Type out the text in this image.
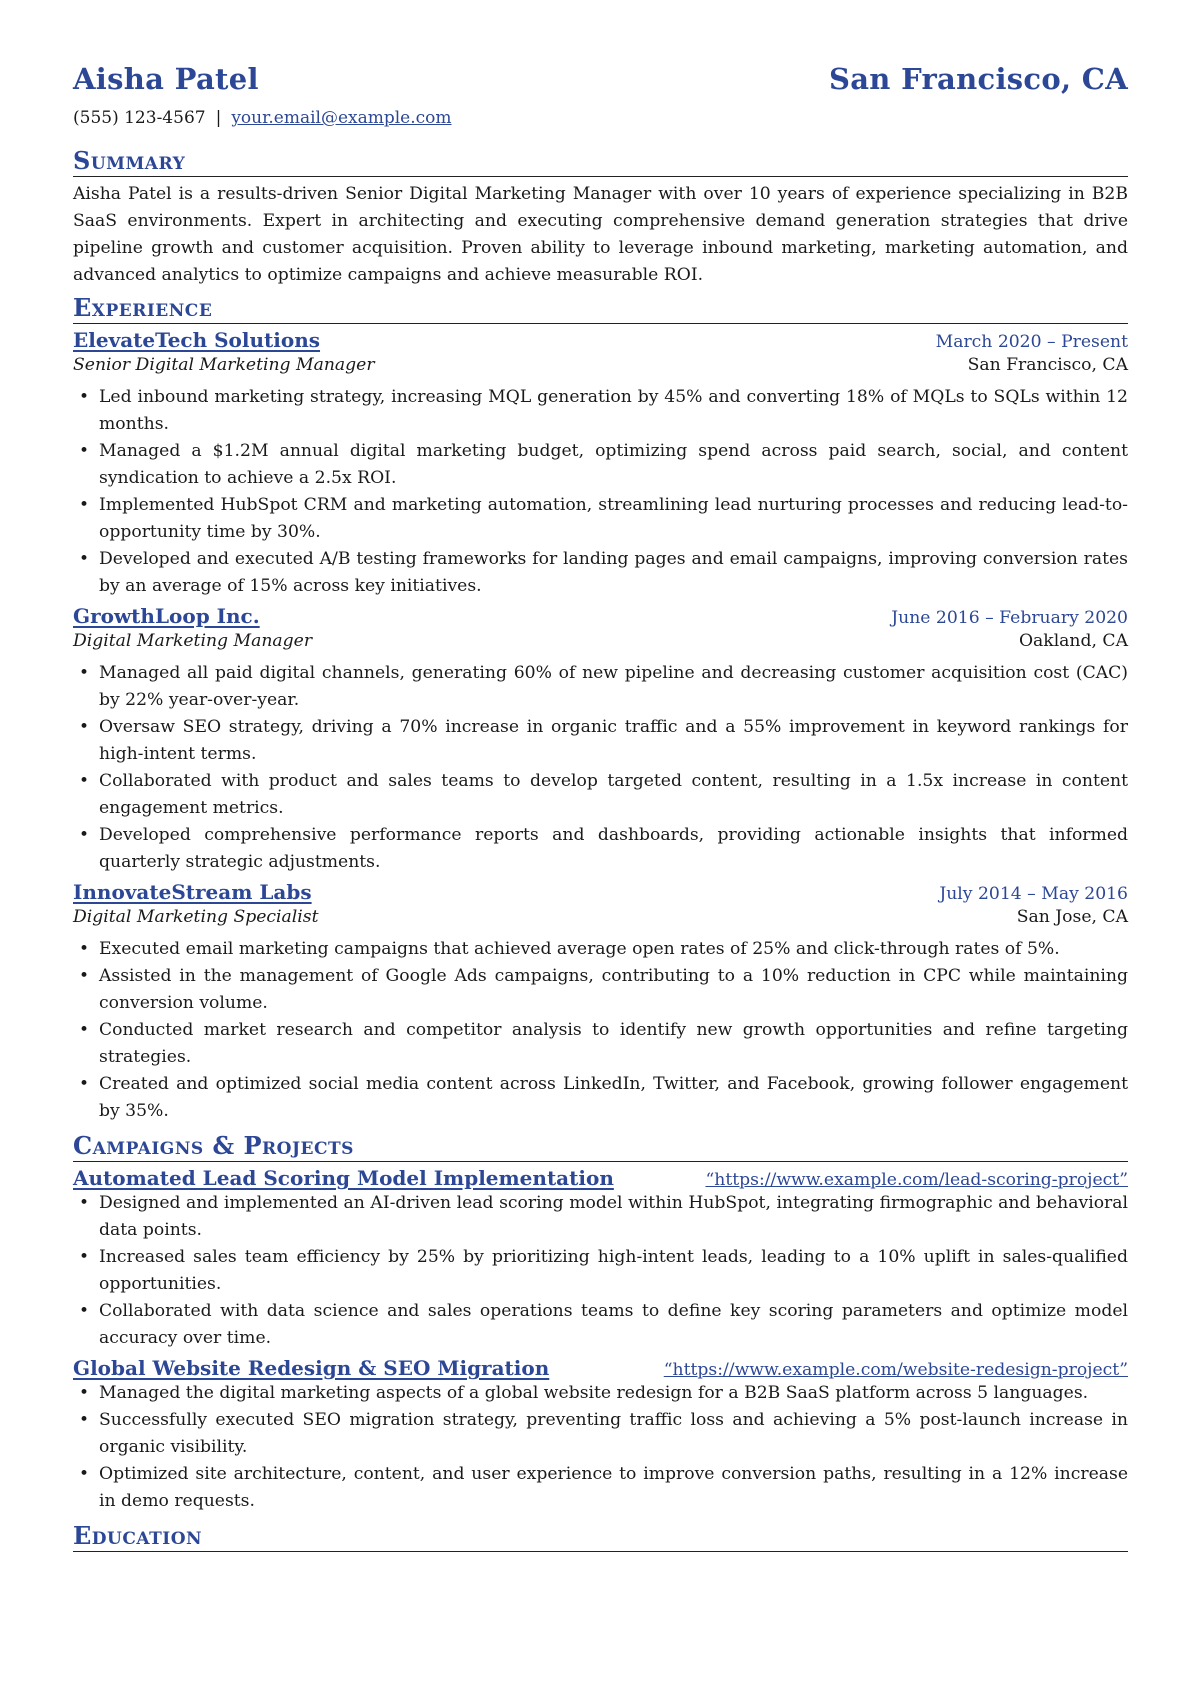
Aisha Patel	San Francisco, CA
(555) 123-4567 | your.email@example.com
Summary
Aisha Patel is a results-driven Senior Digital Marketing Manager with over 10 years of experience specializing in B2B SaaS environments. Expert in architecting and executing comprehensive demand generation strategies that drive pipeline growth and customer acquisition. Proven ability to leverage inbound marketing, marketing automation, and advanced analytics to optimize campaigns and achieve measurable ROI.
Experience
ElevateTech Solutions	March 2020 – Present
Senior Digital Marketing Manager	San Francisco, CA
• Led inbound marketing strategy, increasing MQL generation by 45% and converting 18% of MQLs to SQLs within 12 months.
• Managed a $1.2M annual digital marketing budget, optimizing spend across paid search, social, and content syndication to achieve a 2.5x ROI.
• Implemented HubSpot CRM and marketing automation, streamlining lead nurturing processes and reducing lead-to-opportunity time by 30%.
• Developed and executed A/B testing frameworks for landing pages and email campaigns, improving conversion rates by an average of 15% across key initiatives.
GrowthLoop Inc.	June 2016 – February 2020
Digital Marketing Manager	Oakland, CA
• Managed all paid digital channels, generating 60% of new pipeline and decreasing customer acquisition cost (CAC) by 22% year-over-year.
• Oversaw SEO strategy, driving a 70% increase in organic traffic and a 55% improvement in keyword rankings for high-intent terms.
• Collaborated with product and sales teams to develop targeted content, resulting in a 1.5x increase in content engagement metrics.
• Developed comprehensive performance reports and dashboards, providing actionable insights that informed quarterly strategic adjustments.
InnovateStream Labs	July 2014 – May 2016
Digital Marketing Specialist	San Jose, CA
• Executed email marketing campaigns that achieved average open rates of 25% and click-through rates of 5%.
• Assisted in the management of Google Ads campaigns, contributing to a 10% reduction in CPC while maintaining conversion volume.
• Conducted market research and competitor analysis to identify new growth opportunities and refine targeting strategies.
• Created and optimized social media content across LinkedIn, Twitter, and Facebook, growing follower engagement by 35%.
Campaigns & Projects
Automated Lead Scoring Model Implementation	“https://www.example.com/lead-scoring-project”
• Designed and implemented an AI-driven lead scoring model within HubSpot, integrating firmographic and behavioral data points.
• Increased sales team efficiency by 25% by prioritizing high-intent leads, leading to a 10% uplift in sales-qualified opportunities.
• Collaborated with data science and sales operations teams to define key scoring parameters and optimize model accuracy over time.
Global Website Redesign & SEO Migration	“https://www.example.com/website-redesign-project”
• Managed the digital marketing aspects of a global website redesign for a B2B SaaS platform across 5 languages.
• Successfully executed SEO migration strategy, preventing traffic loss and achieving a 5% post-launch increase in organic visibility.
• Optimized site architecture, content, and user experience to improve conversion paths, resulting in a 12% increase in demo requests.
Education
